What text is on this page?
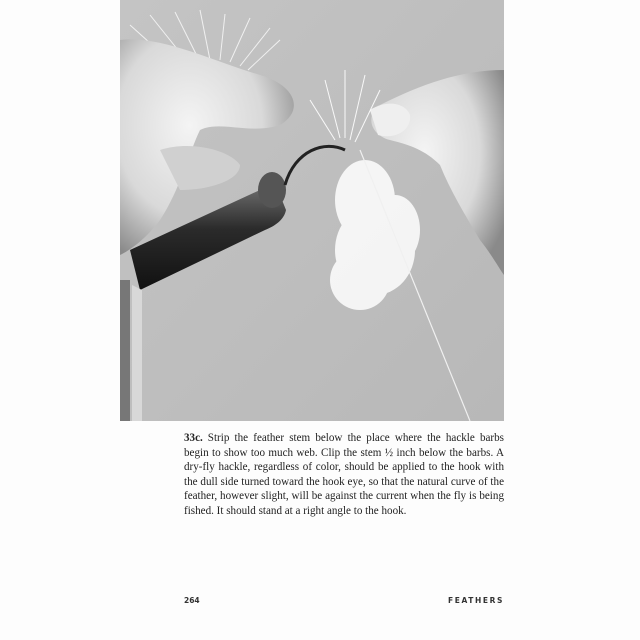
33c. Strip the feather stem below the place where the hackle barbs begin to show too much web. Clip the stem ½ inch below the barbs. A dry-fly hackle, regardless of color, should be applied to the hook with the dull side turned toward the hook eye, so that the natural curve of the feather, however slight, will be against the current when the fly is being fished. It should stand at a right angle to the hook.
264	FEATHERS
